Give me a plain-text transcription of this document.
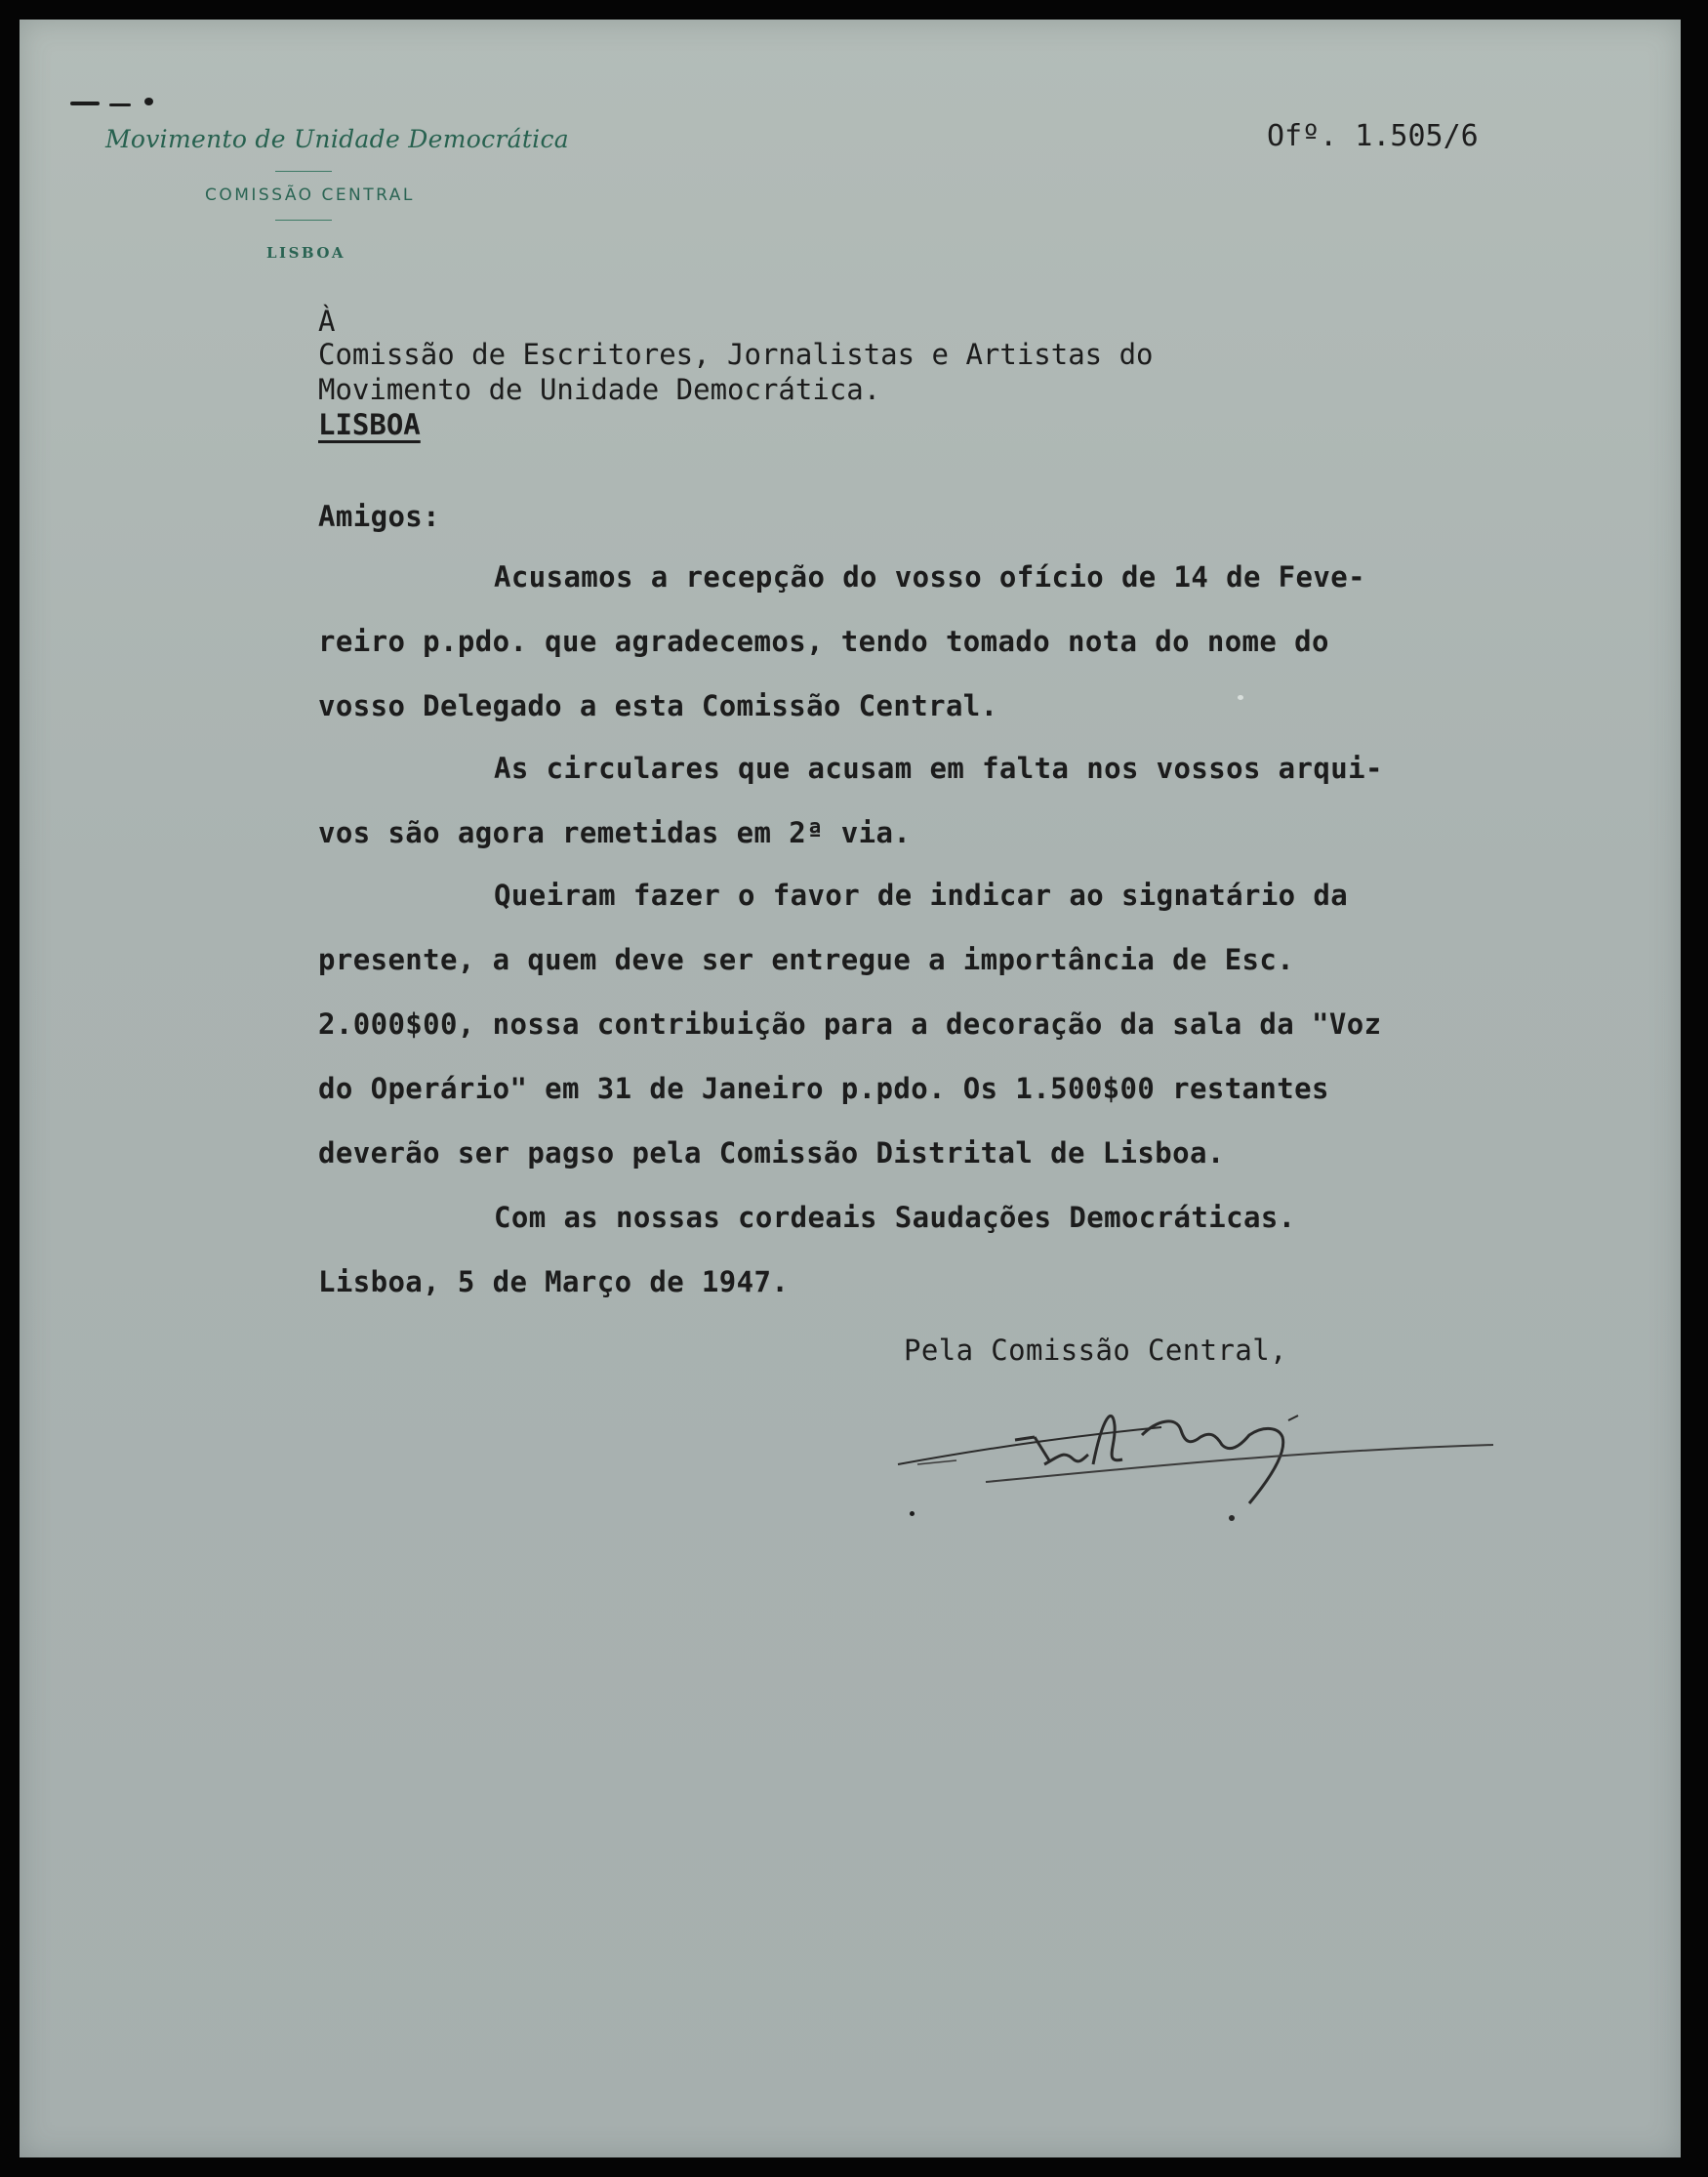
Movimento de Unidade Democrática
COMISSÃO CENTRAL
LISBOA
Ofº. 1.505/6
À
Comissão de Escritores, Jornalistas e Artistas do
Movimento de Unidade Democrática.
LISBOA
Amigos:
Acusamos a recepção do vosso ofício de 14 de Feve-
reiro p.pdo. que agradecemos, tendo tomado nota do nome do
vosso Delegado a esta Comissão Central.
As circulares que acusam em falta nos vossos arqui-
vos são agora remetidas em 2ª via.
Queiram fazer o favor de indicar ao signatário da
presente, a quem deve ser entregue a importância de Esc.
2.000$00, nossa contribuição para a decoração da sala da "Voz
do Operário" em 31 de Janeiro p.pdo. Os 1.500$00 restantes
deverão ser pagso pela Comissão Distrital de Lisboa.
Com as nossas cordeais Saudações Democráticas.
Lisboa, 5 de Março de 1947.
Pela Comissão Central,
